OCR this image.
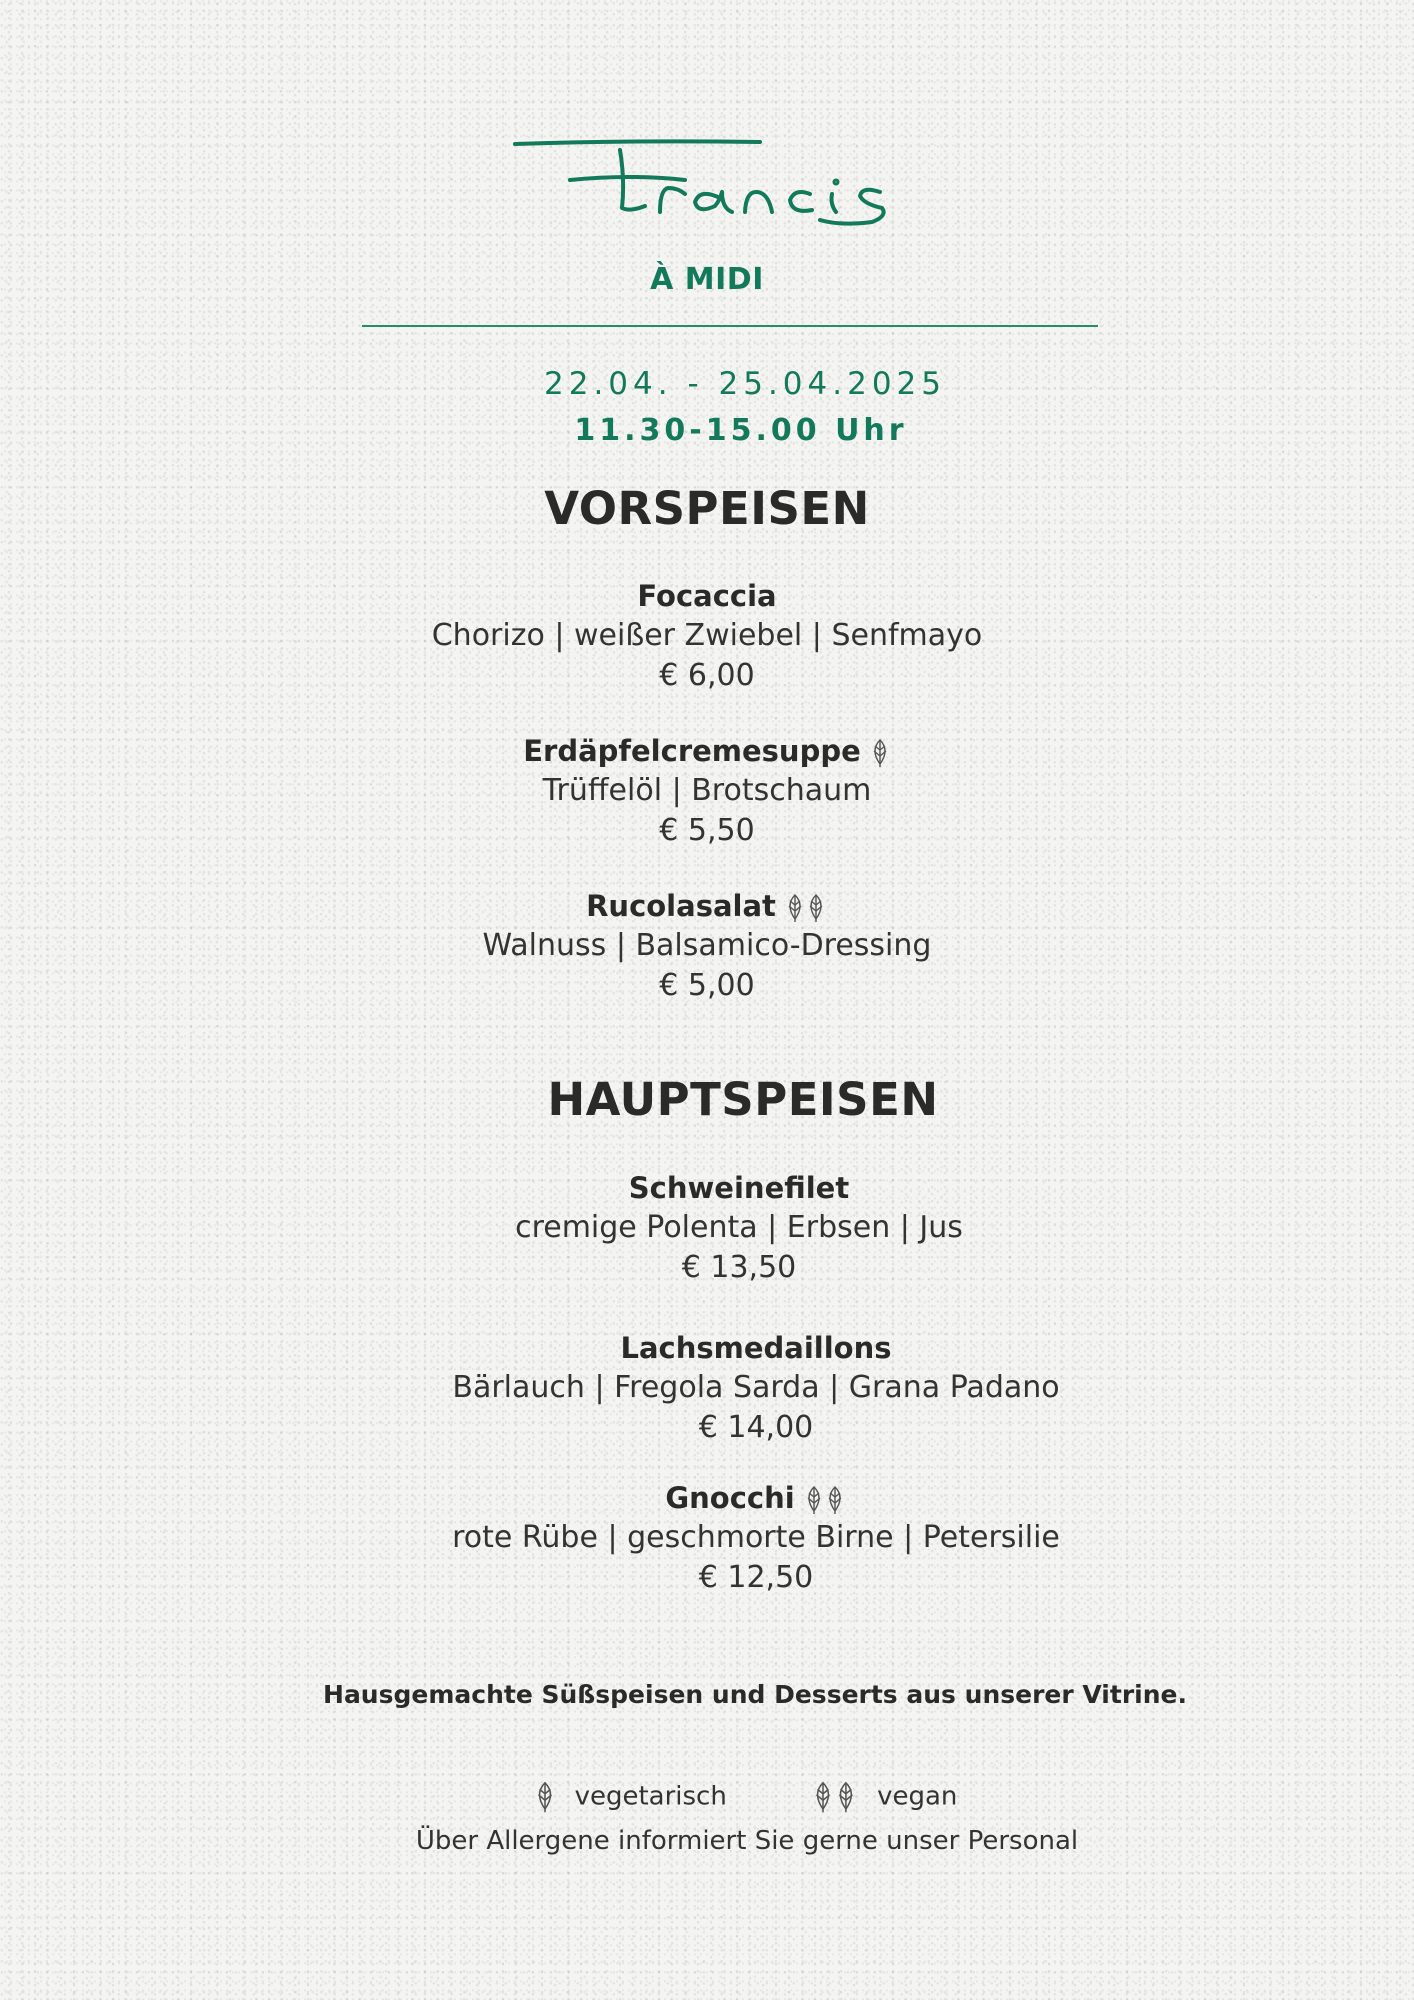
À MIDI
22.04. - 25.04.2025
11.30-15.00 Uhr
VORSPEISEN
Focaccia
Chorizo | weißer Zwiebel | Senfmayo
€ 6,00
Erdäpfelcremesuppe
Trüffelöl | Brotschaum
€ 5,50
Rucolasalat
Walnuss | Balsamico-Dressing
€ 5,00
HAUPTSPEISEN
Schweinefilet
cremige Polenta | Erbsen | Jus
€ 13,50
Lachsmedaillons
Bärlauch | Fregola Sarda | Grana Padano
€ 14,00
Gnocchi
rote Rübe | geschmorte Birne | Petersilie
€ 12,50
Hausgemachte Süßspeisen und Desserts aus unserer Vitrine.
vegetarisch	vegan
Über Allergene informiert Sie gerne unser Personal
